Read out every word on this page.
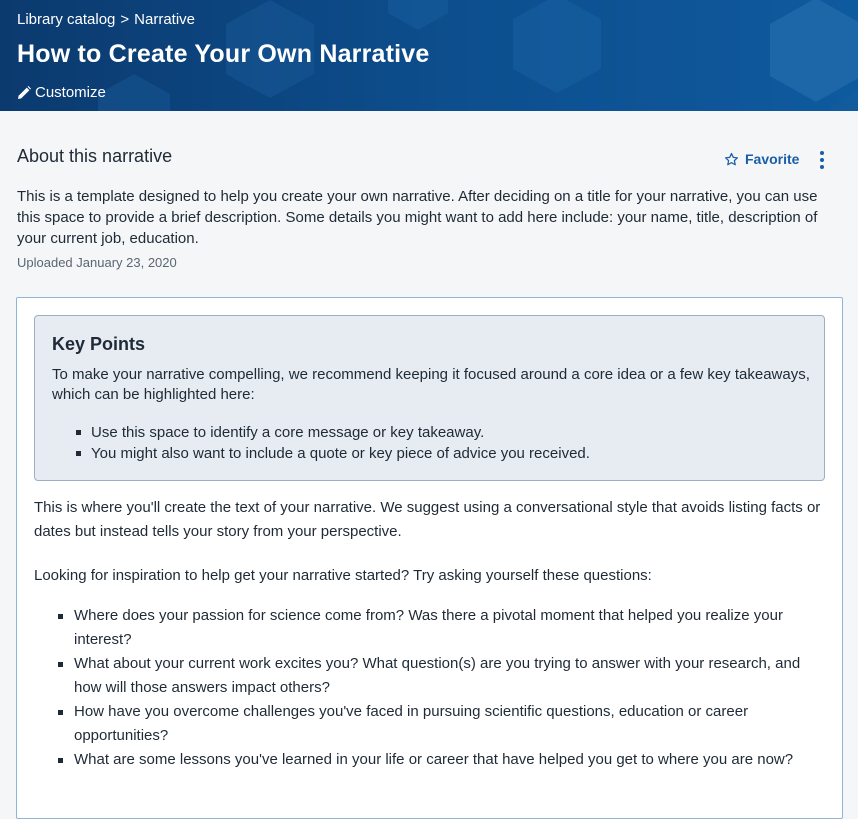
Library catalog > Narrative
How to Create Your Own Narrative
Customize
About this narrative	Favorite

This is a template designed to help you create your own narrative. After deciding on a title for your narrative, you can use this space to provide a brief description. Some details you might want to add here include: your name, title, description of your current job, education.

Uploaded January 23, 2020
Key Points

To make your narrative compelling, we recommend keeping it focused around a core idea or a few key takeaways, which can be highlighted here:

Use this space to identify a core message or key takeaway.
You might also want to include a quote or key piece of advice you received.

This is where you'll create the text of your narrative. We suggest using a conversational style that avoids listing facts or dates but instead tells your story from your perspective.

Looking for inspiration to help get your narrative started? Try asking yourself these questions:

Where does your passion for science come from? Was there a pivotal moment that helped you realize your interest?
What about your current work excites you? What question(s) are you trying to answer with your research, and how will those answers impact others?
How have you overcome challenges you've faced in pursuing scientific questions, education or career opportunities?
What are some lessons you've learned in your life or career that have helped you get to where you are now?
